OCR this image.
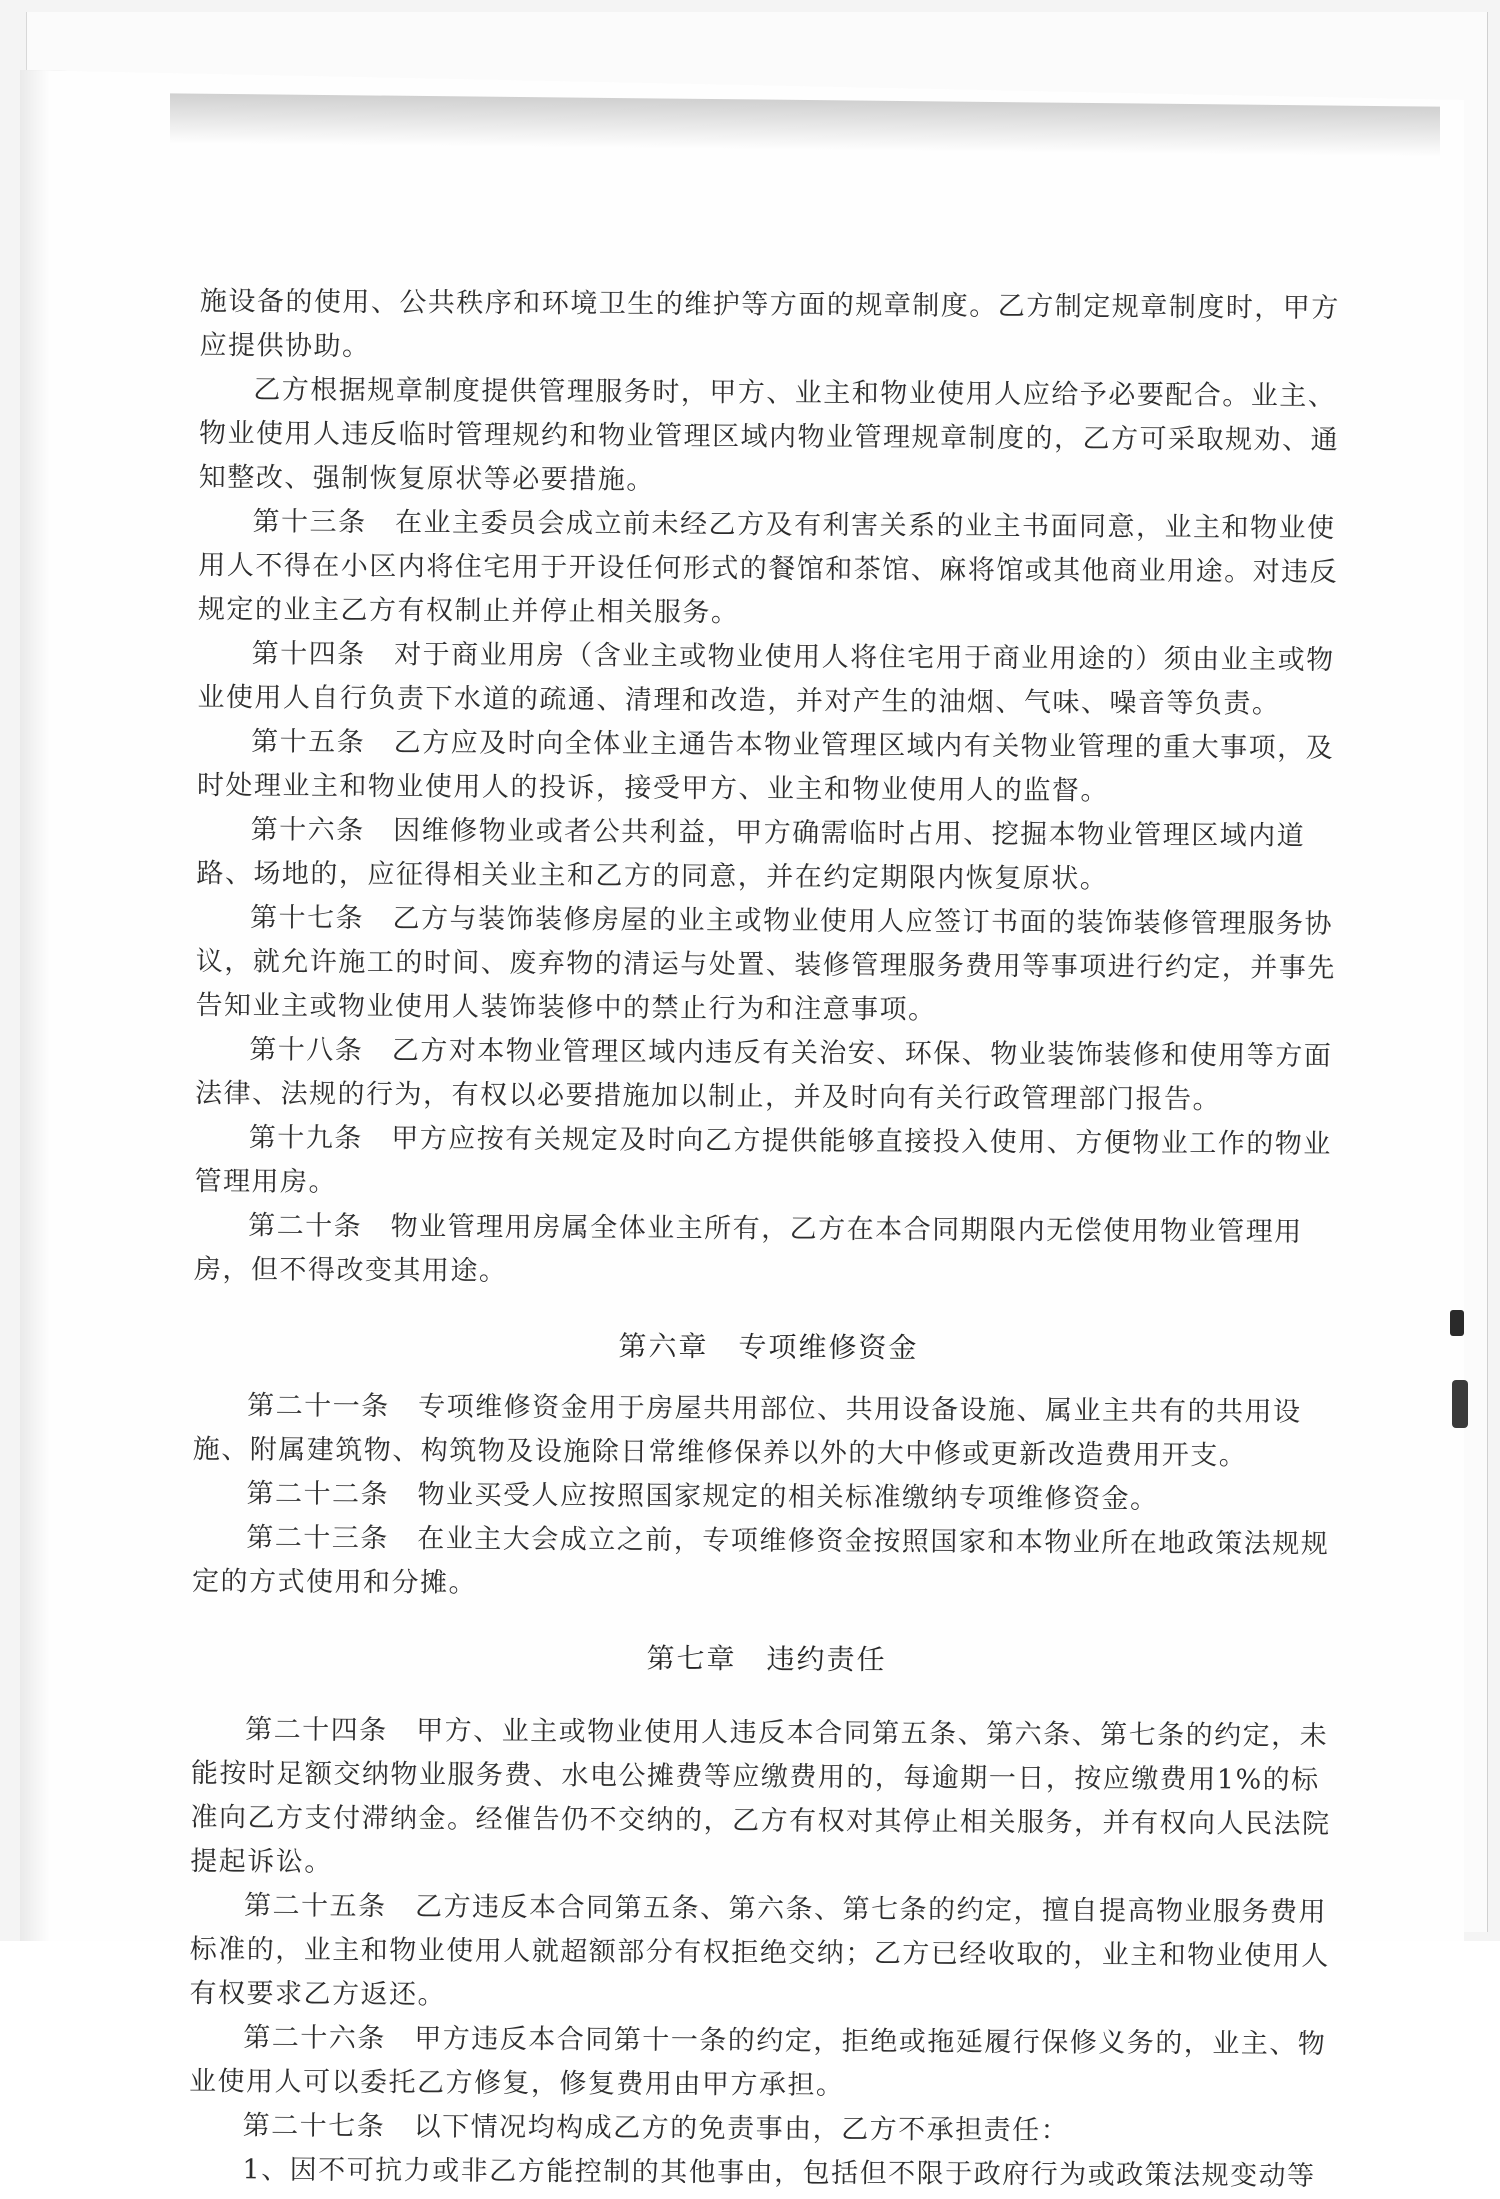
施设备的使用、公共秩序和环境卫生的维护等方面的规章制度。乙方制定规章制度时，甲方应提供协助。

乙方根据规章制度提供管理服务时，甲方、业主和物业使用人应给予必要配合。业主、物业使用人违反临时管理规约和物业管理区域内物业管理规章制度的，乙方可采取规劝、通知整改、强制恢复原状等必要措施。

第十三条　在业主委员会成立前未经乙方及有利害关系的业主书面同意，业主和物业使用人不得在小区内将住宅用于开设任何形式的餐馆和茶馆、麻将馆或其他商业用途。对违反规定的业主乙方有权制止并停止相关服务。

第十四条　对于商业用房（含业主或物业使用人将住宅用于商业用途的）须由业主或物业使用人自行负责下水道的疏通、清理和改造，并对产生的油烟、气味、噪音等负责。

第十五条　乙方应及时向全体业主通告本物业管理区域内有关物业管理的重大事项，及时处理业主和物业使用人的投诉，接受甲方、业主和物业使用人的监督。

第十六条　因维修物业或者公共利益，甲方确需临时占用、挖掘本物业管理区域内道路、场地的，应征得相关业主和乙方的同意，并在约定期限内恢复原状。

第十七条　乙方与装饰装修房屋的业主或物业使用人应签订书面的装饰装修管理服务协议，就允许施工的时间、废弃物的清运与处置、装修管理服务费用等事项进行约定，并事先告知业主或物业使用人装饰装修中的禁止行为和注意事项。

第十八条　乙方对本物业管理区域内违反有关治安、环保、物业装饰装修和使用等方面法律、法规的行为，有权以必要措施加以制止，并及时向有关行政管理部门报告。

第十九条　甲方应按有关规定及时向乙方提供能够直接投入使用、方便物业工作的物业管理用房。

第二十条　物业管理用房属全体业主所有，乙方在本合同期限内无偿使用物业管理用房，但不得改变其用途。

第六章　专项维修资金

第二十一条　专项维修资金用于房屋共用部位、共用设备设施、属业主共有的共用设施、附属建筑物、构筑物及设施除日常维修保养以外的大中修或更新改造费用开支。

第二十二条　物业买受人应按照国家规定的相关标准缴纳专项维修资金。

第二十三条　在业主大会成立之前，专项维修资金按照国家和本物业所在地政策法规规定的方式使用和分摊。

第七章　违约责任

第二十四条　甲方、业主或物业使用人违反本合同第五条、第六条、第七条的约定，未能按时足额交纳物业服务费、水电公摊费等应缴费用的，每逾期一日，按应缴费用1%的标准向乙方支付滞纳金。经催告仍不交纳的，乙方有权对其停止相关服务，并有权向人民法院提起诉讼。

第二十五条　乙方违反本合同第五条、第六条、第七条的约定，擅自提高物业服务费用标准的，业主和物业使用人就超额部分有权拒绝交纳；乙方已经收取的，业主和物业使用人有权要求乙方返还。

第二十六条　甲方违反本合同第十一条的约定，拒绝或拖延履行保修义务的，业主、物业使用人可以委托乙方修复，修复费用由甲方承担。

第二十七条　以下情况均构成乙方的免责事由，乙方不承担责任：

1、因不可抗力或非乙方能控制的其他事由，包括但不限于政府行为或政策法规变动等
